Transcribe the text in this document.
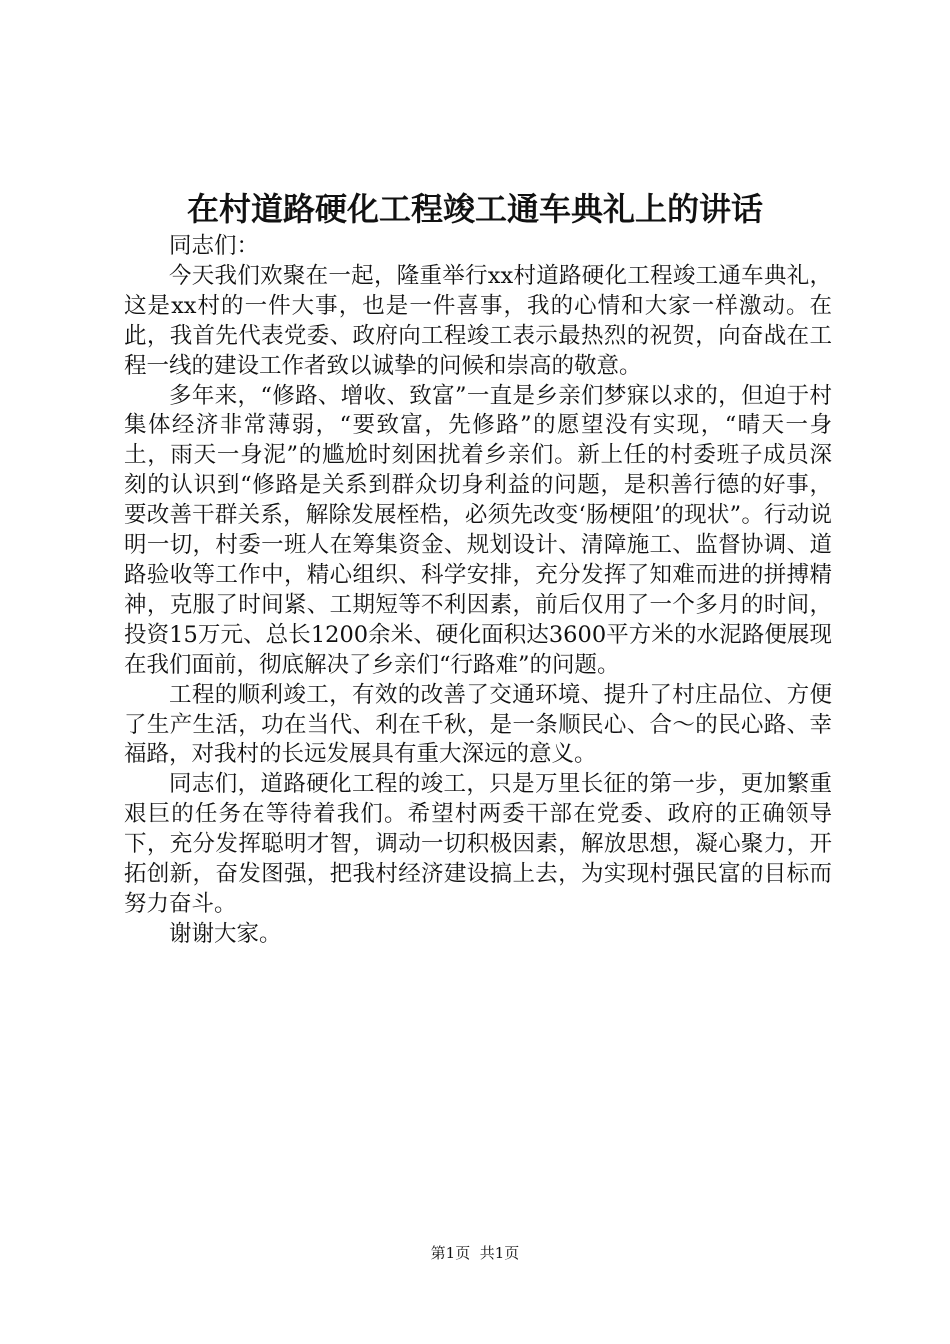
在村道路硬化工程竣工通车典礼上的讲话

同志们：

今天我们欢聚在一起，隆重举行xx村道路硬化工程竣工通车典礼，这是xx村的一件大事，也是一件喜事，我的心情和大家一样激动。在此，我首先代表党委、政府向工程竣工表示最热烈的祝贺，向奋战在工程一线的建设工作者致以诚挚的问候和崇高的敬意。

多年来，“修路、增收、致富”一直是乡亲们梦寐以求的，但迫于村集体经济非常薄弱，“要致富，先修路”的愿望没有实现，“晴天一身土，雨天一身泥”的尴尬时刻困扰着乡亲们。新上任的村委班子成员深刻的认识到“修路是关系到群众切身利益的问题，是积善行德的好事，要改善干群关系，解除发展桎梏，必须先改变‘肠梗阻’的现状”。行动说明一切，村委一班人在筹集资金、规划设计、清障施工、监督协调、道路验收等工作中，精心组织、科学安排，充分发挥了知难而进的拼搏精神，克服了时间紧、工期短等不利因素，前后仅用了一个多月的时间，投资15万元、总长1200余米、硬化面积达3600平方米的水泥路便展现在我们面前，彻底解决了乡亲们“行路难”的问题。

工程的顺利竣工，有效的改善了交通环境、提升了村庄品位、方便了生产生活，功在当代、利在千秋，是一条顺民心、合～的民心路、幸福路，对我村的长远发展具有重大深远的意义。

同志们，道路硬化工程的竣工，只是万里长征的第一步，更加繁重艰巨的任务在等待着我们。希望村两委干部在党委、政府的正确领导下，充分发挥聪明才智，调动一切积极因素，解放思想，凝心聚力，开拓创新，奋发图强，把我村经济建设搞上去，为实现村强民富的目标而努力奋斗。

谢谢大家。

第1页 共1页
